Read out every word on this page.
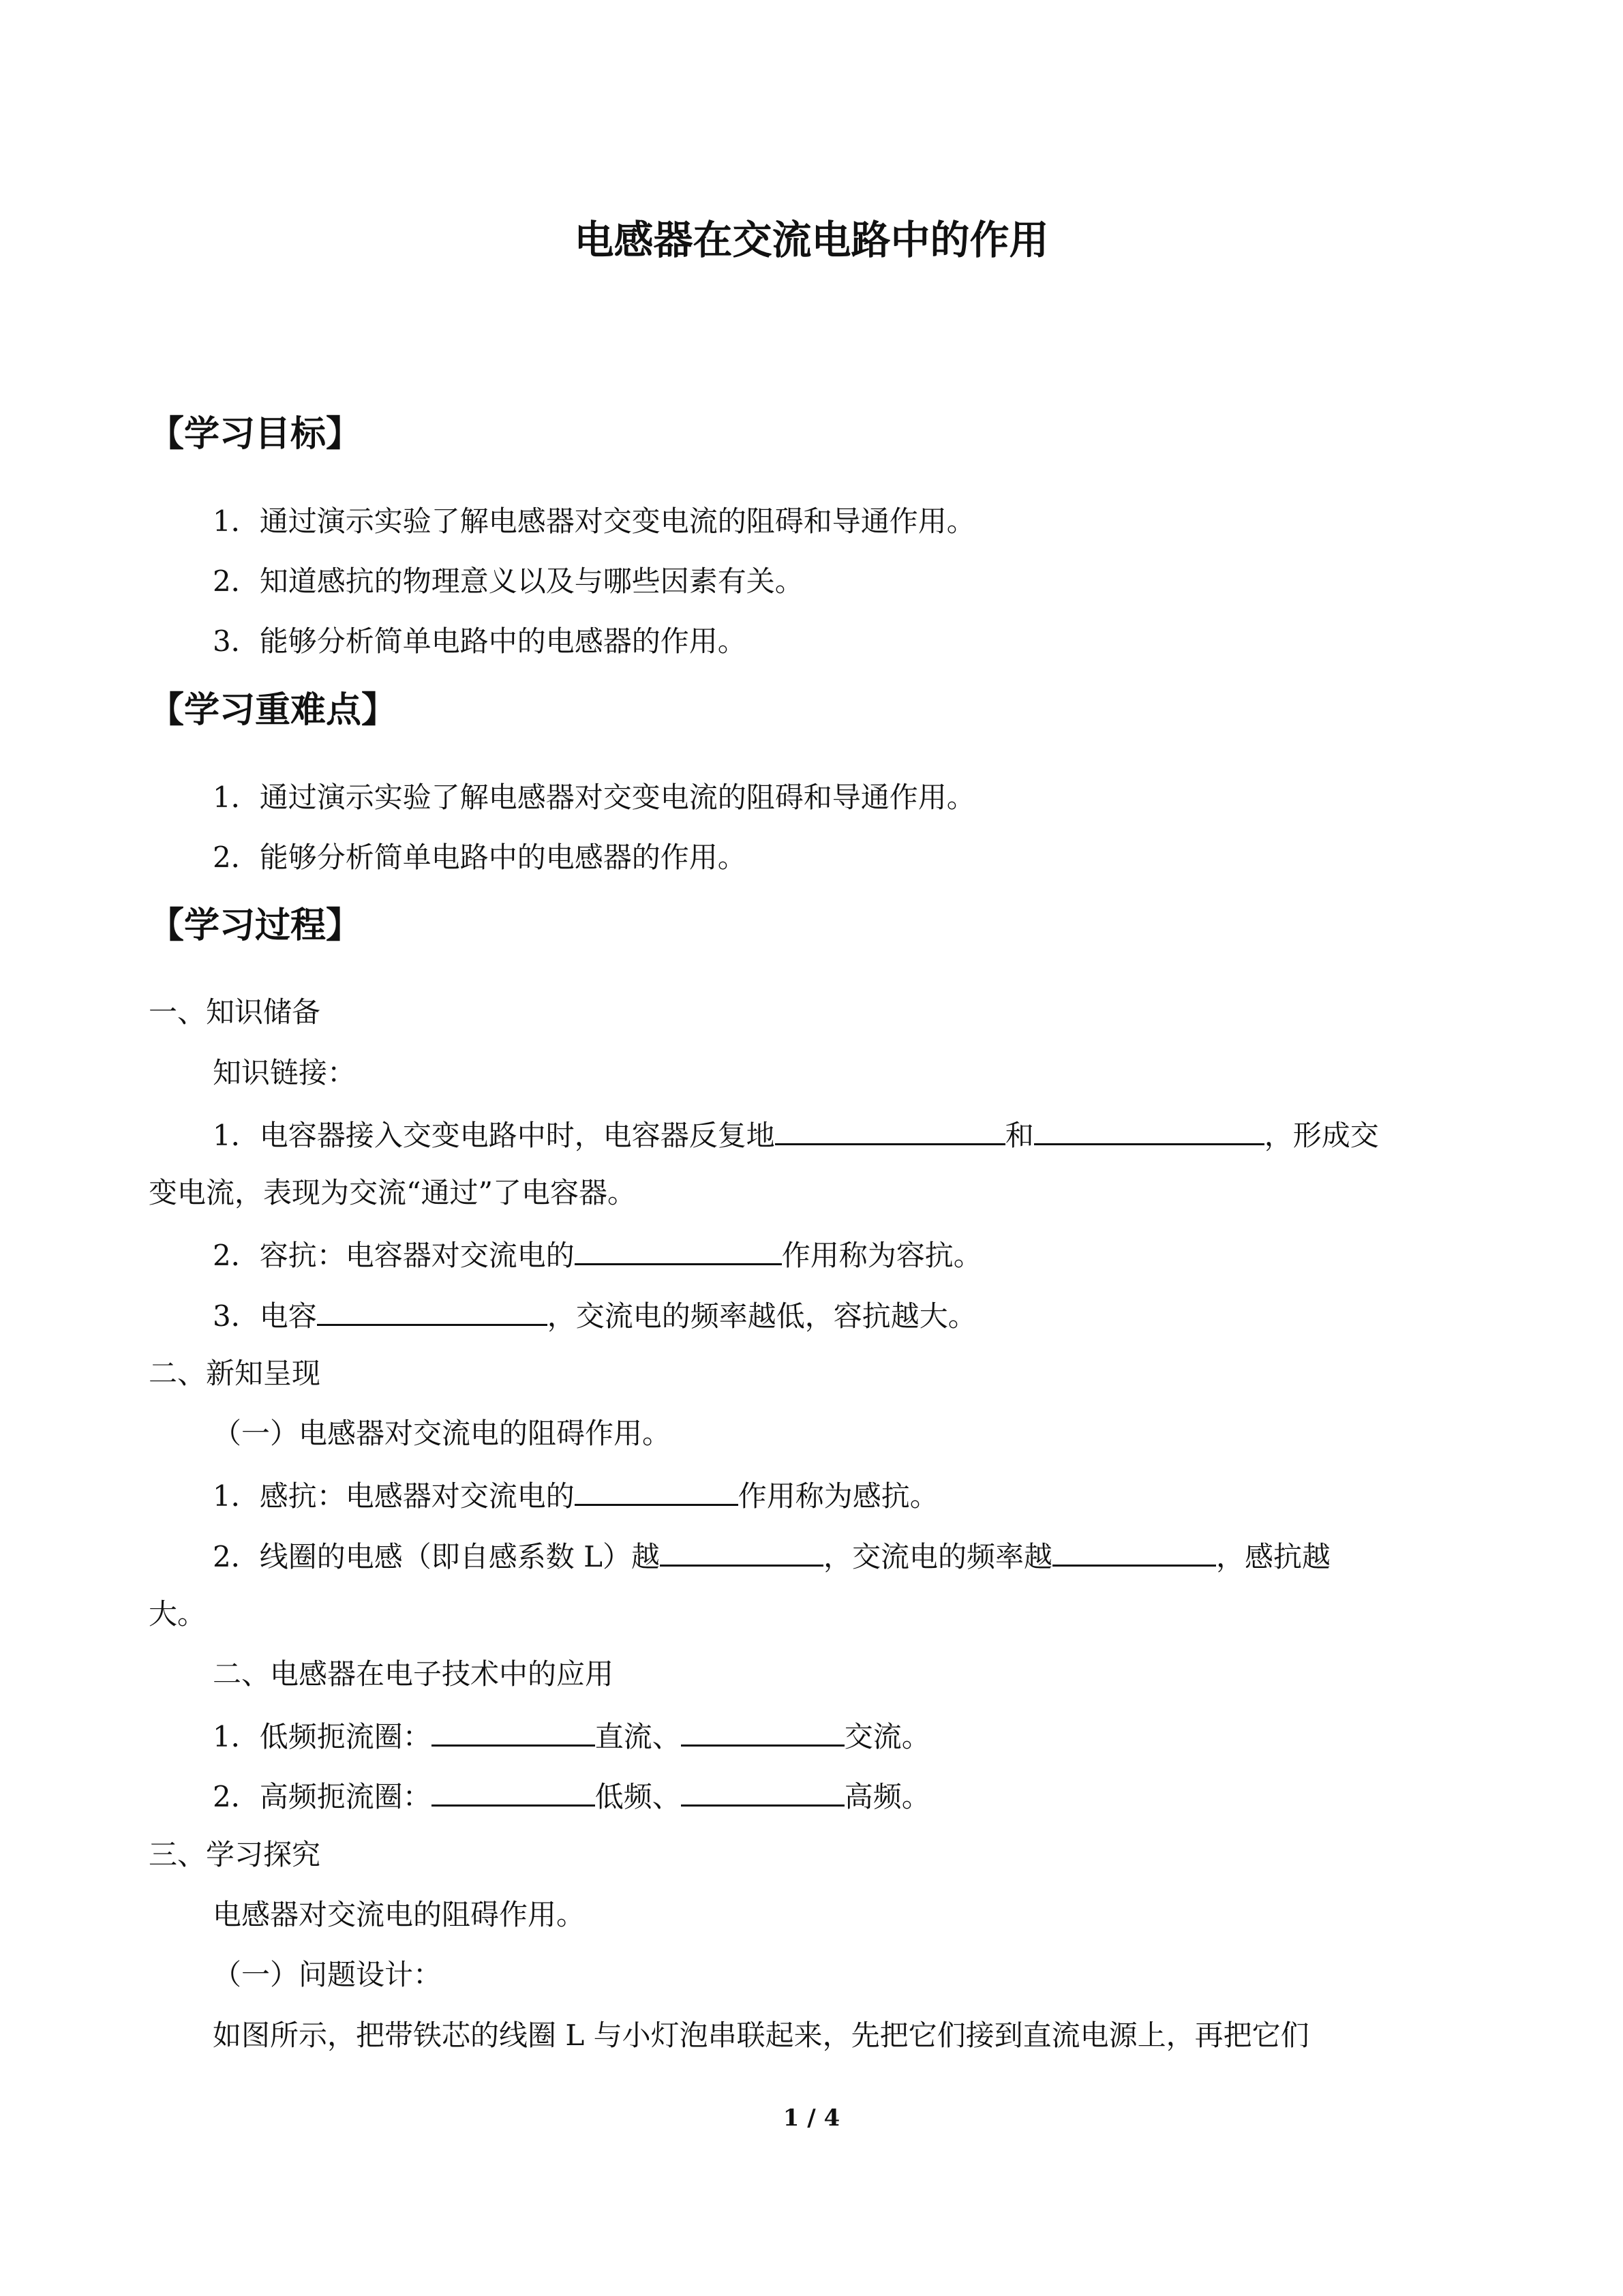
电感器在交流电路中的作用
【学习目标】
1．通过演示实验了解电感器对交变电流的阻碍和导通作用。
2．知道感抗的物理意义以及与哪些因素有关。
3．能够分析简单电路中的电感器的作用。
【学习重难点】
1．通过演示实验了解电感器对交变电流的阻碍和导通作用。
2．能够分析简单电路中的电感器的作用。
【学习过程】
一、知识储备
知识链接：
1．电容器接入交变电路中时，电容器反复地	和	，形成交
变电流，表现为交流“通过”了电容器。
2．容抗：电容器对交流电的	作用称为容抗。
3．电容	，交流电的频率越低，容抗越大。
二、新知呈现
（一）电感器对交流电的阻碍作用。
1．感抗：电感器对交流电的	作用称为感抗。
2．线圈的电感（即自感系数 L）越	，交流电的频率越	，感抗越
大。
二、电感器在电子技术中的应用
1．低频扼流圈：	直流、	交流。
2．高频扼流圈：	低频、	高频。
三、学习探究
电感器对交流电的阻碍作用。
（一）问题设计：
如图所示，把带铁芯的线圈 L 与小灯泡串联起来，先把它们接到直流电源上，再把它们
1 / 4
